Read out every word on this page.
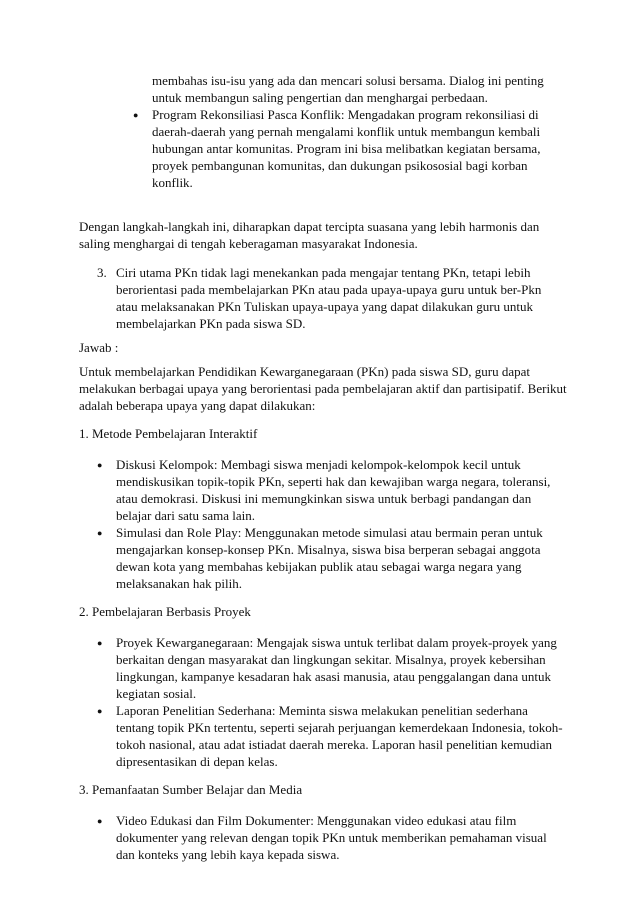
membahas isu-isu yang ada dan mencari solusi bersama. Dialog ini penting
untuk membangun saling pengertian dan menghargai perbedaan.
● Program Rekonsiliasi Pasca Konflik: Mengadakan program rekonsiliasi di
daerah-daerah yang pernah mengalami konflik untuk membangun kembali
hubungan antar komunitas. Program ini bisa melibatkan kegiatan bersama,
proyek pembangunan komunitas, dan dukungan psikososial bagi korban
konflik.
Dengan langkah-langkah ini, diharapkan dapat tercipta suasana yang lebih harmonis dan
saling menghargai di tengah keberagaman masyarakat Indonesia.
3. Ciri utama PKn tidak lagi menekankan pada mengajar tentang PKn, tetapi lebih
berorientasi pada membelajarkan PKn atau pada upaya-upaya guru untuk ber-Pkn
atau melaksanakan PKn Tuliskan upaya-upaya yang dapat dilakukan guru untuk
membelajarkan PKn pada siswa SD.
Jawab :
Untuk membelajarkan Pendidikan Kewarganegaraan (PKn) pada siswa SD, guru dapat
melakukan berbagai upaya yang berorientasi pada pembelajaran aktif dan partisipatif. Berikut
adalah beberapa upaya yang dapat dilakukan:
1. Metode Pembelajaran Interaktif
● Diskusi Kelompok: Membagi siswa menjadi kelompok-kelompok kecil untuk
mendiskusikan topik-topik PKn, seperti hak dan kewajiban warga negara, toleransi,
atau demokrasi. Diskusi ini memungkinkan siswa untuk berbagi pandangan dan
belajar dari satu sama lain.
● Simulasi dan Role Play: Menggunakan metode simulasi atau bermain peran untuk
mengajarkan konsep-konsep PKn. Misalnya, siswa bisa berperan sebagai anggota
dewan kota yang membahas kebijakan publik atau sebagai warga negara yang
melaksanakan hak pilih.
2. Pembelajaran Berbasis Proyek
● Proyek Kewarganegaraan: Mengajak siswa untuk terlibat dalam proyek-proyek yang
berkaitan dengan masyarakat dan lingkungan sekitar. Misalnya, proyek kebersihan
lingkungan, kampanye kesadaran hak asasi manusia, atau penggalangan dana untuk
kegiatan sosial.
● Laporan Penelitian Sederhana: Meminta siswa melakukan penelitian sederhana
tentang topik PKn tertentu, seperti sejarah perjuangan kemerdekaan Indonesia, tokoh-
tokoh nasional, atau adat istiadat daerah mereka. Laporan hasil penelitian kemudian
dipresentasikan di depan kelas.
3. Pemanfaatan Sumber Belajar dan Media
● Video Edukasi dan Film Dokumenter: Menggunakan video edukasi atau film
dokumenter yang relevan dengan topik PKn untuk memberikan pemahaman visual
dan konteks yang lebih kaya kepada siswa.
